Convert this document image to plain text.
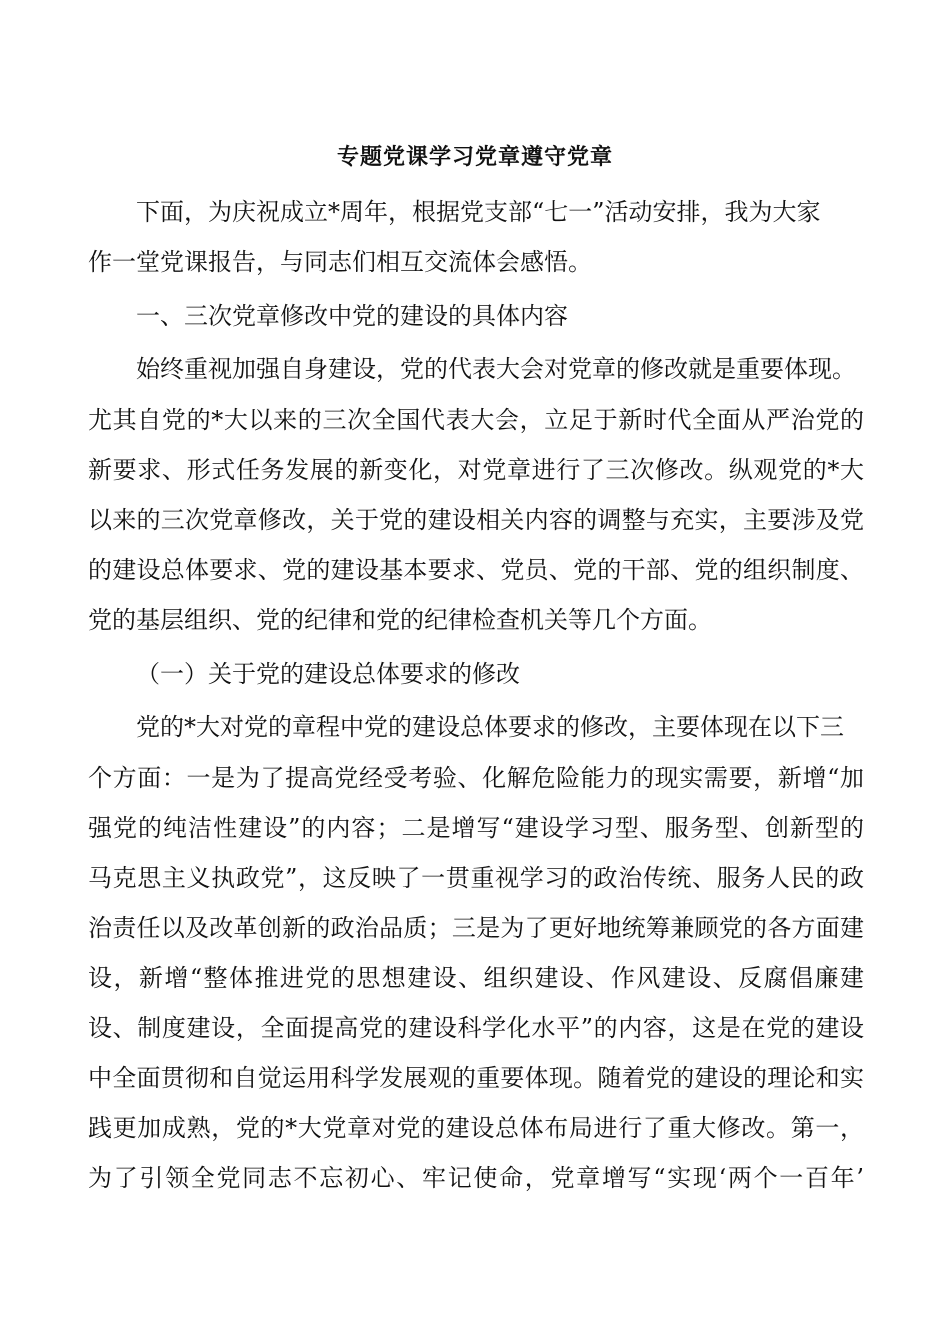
专题党课学习党章遵守党章
下面，为庆祝成立*周年，根据党支部“七一”活动安排，我为大家
作一堂党课报告，与同志们相互交流体会感悟。
一、三次党章修改中党的建设的具体内容
始终重视加强自身建设，党的代表大会对党章的修改就是重要体现。
尤其自党的*大以来的三次全国代表大会，立足于新时代全面从严治党的
新要求、形式任务发展的新变化，对党章进行了三次修改。纵观党的*大
以来的三次党章修改，关于党的建设相关内容的调整与充实，主要涉及党
的建设总体要求、党的建设基本要求、党员、党的干部、党的组织制度、
党的基层组织、党的纪律和党的纪律检查机关等几个方面。
（一）关于党的建设总体要求的修改
党的*大对党的章程中党的建设总体要求的修改，主要体现在以下三
个方面：一是为了提高党经受考验、化解危险能力的现实需要，新增“加
强党的纯洁性建设”的内容；二是增写“建设学习型、服务型、创新型的
马克思主义执政党”，这反映了一贯重视学习的政治传统、服务人民的政
治责任以及改革创新的政治品质；三是为了更好地统筹兼顾党的各方面建
设，新增“整体推进党的思想建设、组织建设、作风建设、反腐倡廉建
设、制度建设，全面提高党的建设科学化水平”的内容，这是在党的建设
中全面贯彻和自觉运用科学发展观的重要体现。随着党的建设的理论和实
践更加成熟，党的*大党章对党的建设总体布局进行了重大修改。第一，
为了引领全党同志不忘初心、牢记使命，党章增写“实现‘两个一百年’
